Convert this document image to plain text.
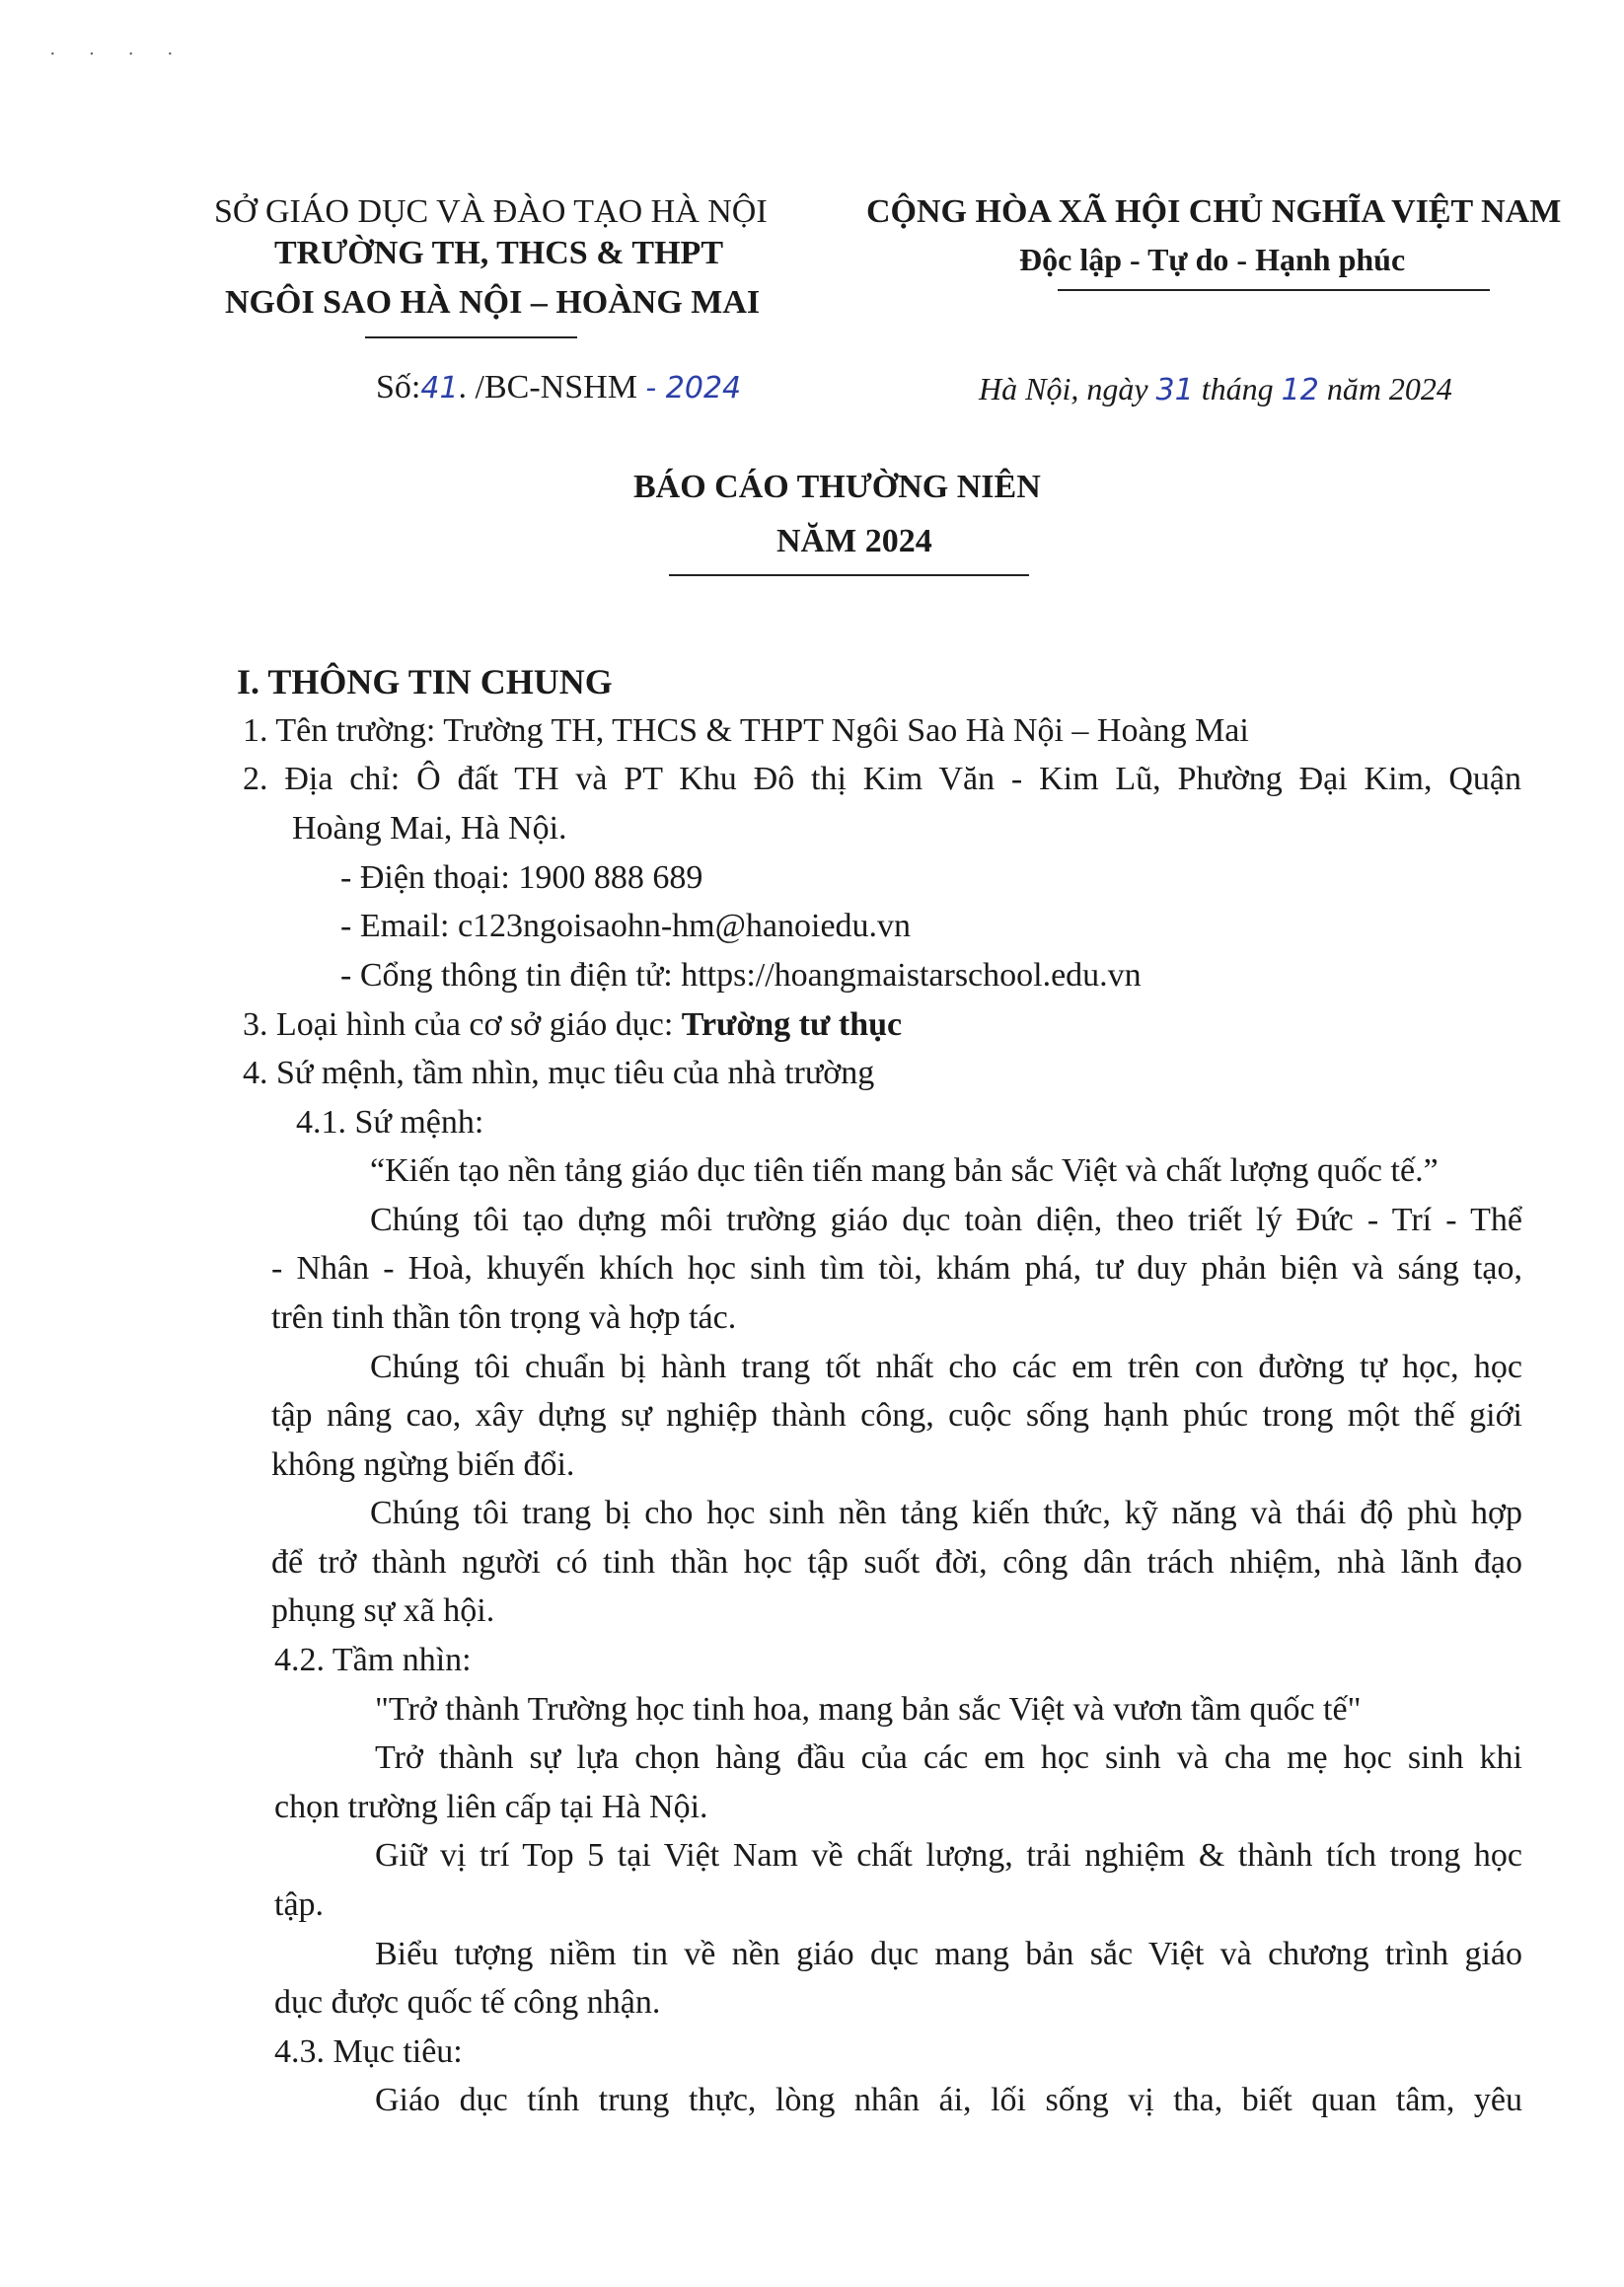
· · · ·
SỞ GIÁO DỤC VÀ ĐÀO TẠO HÀ NỘI
TRƯỜNG TH, THCS & THPT
NGÔI SAO HÀ NỘI – HOÀNG MAI
CỘNG HÒA XÃ HỘI CHỦ NGHĨA VIỆT NAM
Độc lập - Tự do - Hạnh phúc
Số:41. /BC-NSHM - 2024	Hà Nội, ngày 31 tháng 12 năm 2024
BÁO CÁO THƯỜNG NIÊN
NĂM 2024
I. THÔNG TIN CHUNG
1. Tên trường: Trường TH, THCS & THPT Ngôi Sao Hà Nội – Hoàng Mai
2. Địa chỉ: Ô đất TH và PT Khu Đô thị Kim Văn - Kim Lũ, Phường Đại Kim, Quận
Hoàng Mai, Hà Nội.
- Điện thoại: 1900 888 689
- Email: c123ngoisaohn-hm@hanoiedu.vn
- Cổng thông tin điện tử: https://hoangmaistarschool.edu.vn
3. Loại hình của cơ sở giáo dục: Trường tư thục
4. Sứ mệnh, tầm nhìn, mục tiêu của nhà trường
4.1. Sứ mệnh:
“Kiến tạo nền tảng giáo dục tiên tiến mang bản sắc Việt và chất lượng quốc tế.”
Chúng tôi tạo dựng môi trường giáo dục toàn diện, theo triết lý Đức - Trí - Thể
- Nhân - Hoà, khuyến khích học sinh tìm tòi, khám phá, tư duy phản biện và sáng tạo,
trên tinh thần tôn trọng và hợp tác.
Chúng tôi chuẩn bị hành trang tốt nhất cho các em trên con đường tự học, học
tập nâng cao, xây dựng sự nghiệp thành công, cuộc sống hạnh phúc trong một thế giới
không ngừng biến đổi.
Chúng tôi trang bị cho học sinh nền tảng kiến thức, kỹ năng và thái độ phù hợp
để trở thành người có tinh thần học tập suốt đời, công dân trách nhiệm, nhà lãnh đạo
phụng sự xã hội.
4.2. Tầm nhìn:
"Trở thành Trường học tinh hoa, mang bản sắc Việt và vươn tầm quốc tế"
Trở thành sự lựa chọn hàng đầu của các em học sinh và cha mẹ học sinh khi
chọn trường liên cấp tại Hà Nội.
Giữ vị trí Top 5 tại Việt Nam về chất lượng, trải nghiệm & thành tích trong học
tập.
Biểu tượng niềm tin về nền giáo dục mang bản sắc Việt và chương trình giáo
dục được quốc tế công nhận.
4.3. Mục tiêu:
Giáo dục tính trung thực, lòng nhân ái, lối sống vị tha, biết quan tâm, yêu
